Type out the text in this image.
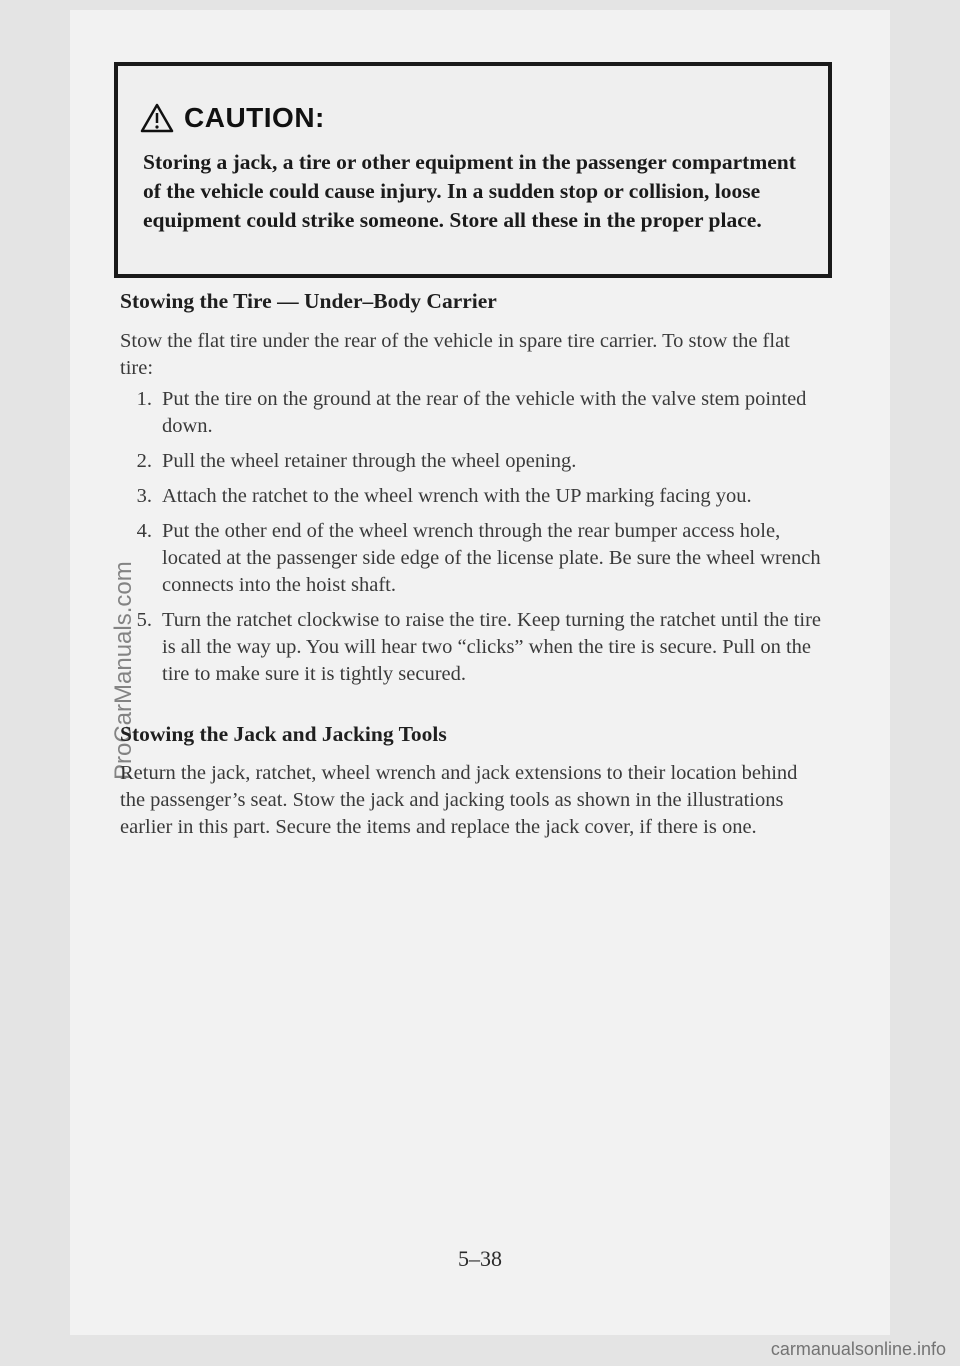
CAUTION:
Storing a jack, a tire or other equipment in the passenger compartment of the vehicle could cause injury. In a sudden stop or collision, loose equipment could strike someone. Store all these in the proper place.
Stowing the Tire — Under–Body Carrier
Stow the flat tire under the rear of the vehicle in spare tire carrier. To stow the flat tire:
1. Put the tire on the ground at the rear of the vehicle with the valve stem pointed down.
2. Pull the wheel retainer through the wheel opening.
3. Attach the ratchet to the wheel wrench with the UP marking facing you.
4. Put the other end of the wheel wrench through the rear bumper access hole, located at the passenger side edge of the license plate. Be sure the wheel wrench connects into the hoist shaft.
5. Turn the ratchet clockwise to raise the tire. Keep turning the ratchet until the tire is all the way up. You will hear two “clicks” when the tire is secure. Pull on the tire to make sure it is tightly secured.
Stowing the Jack and Jacking Tools
Return the jack, ratchet, wheel wrench and jack extensions to their location behind the passenger’s seat. Stow the jack and jacking tools as shown in the illustrations earlier in this part. Secure the items and replace the jack cover, if there is one.
5–38
ProCarManuals.com
carmanualsonline.info
